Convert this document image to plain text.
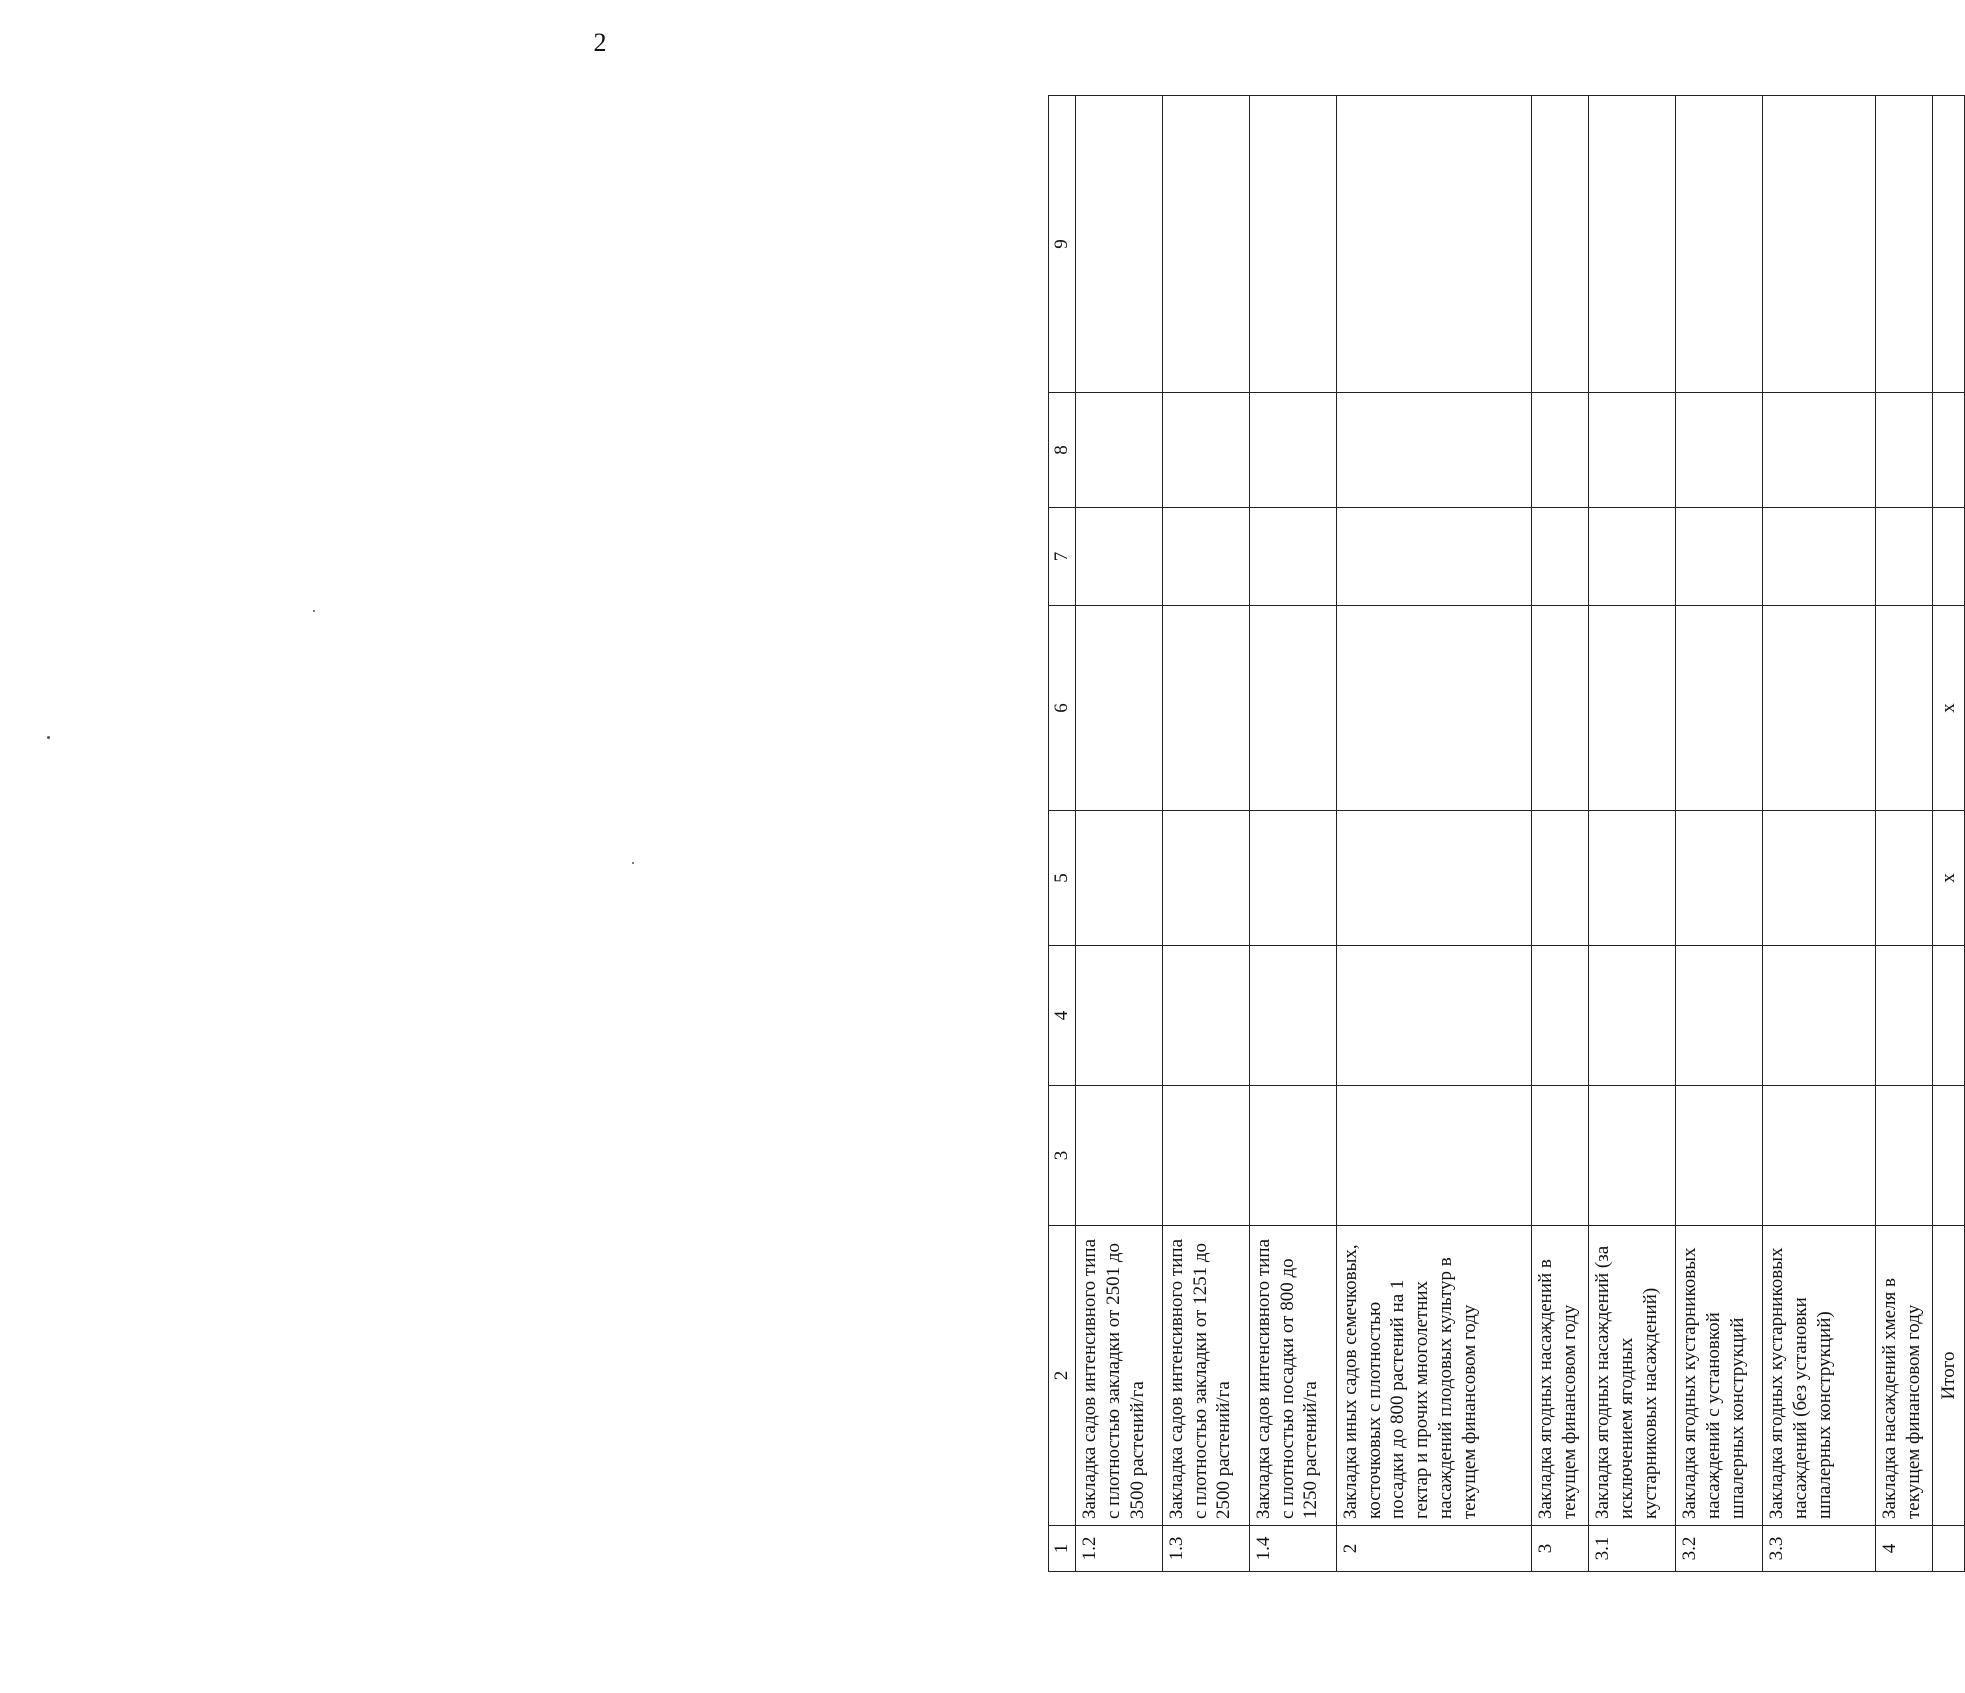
2
1	2	3	4	5	6	7	8	9
1.2	Закладка садов интенсивного типа с плотностью закладки от 2501 до 3500 растений/га							
1.3	Закладка садов интенсивного типа с плотностью закладки от 1251 до 2500 растений/га							
1.4	Закладка садов интенсивного типа с плотностью посадки от 800 до 1250 растений/га							
2	Закладка иных садов семечковых, косточковых с плотностью посадки до 800 растений на 1 гектар и прочих многолетних насаждений плодовых культур в текущем финансовом году							
3	Закладка ягодных насаждений в текущем финансовом году							
3.1	Закладка ягодных насаждений (за исключением ягодных кустарниковых насаждений)							
3.2	Закладка ягодных кустарниковых насаждений с установкой шпалерных конструкций							
3.3	Закладка ягодных кустарниковых насаждений (без установки шпалерных конструкций)							
4	Закладка насаждений хмеля в текущем финансовом году							
	Итого			x	x			
